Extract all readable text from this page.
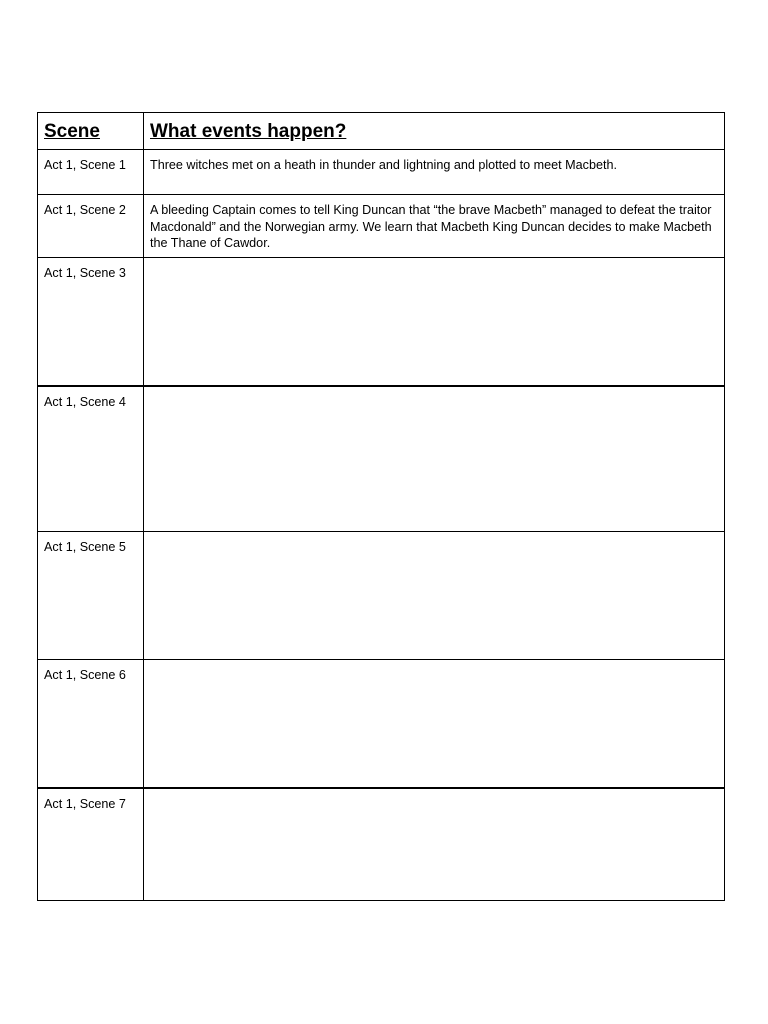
Scene	What events happen?

Act 1, Scene 1	Three witches met on a heath in thunder and lightning and plotted to meet Macbeth.

Act 1, Scene 2	A bleeding Captain comes to tell King Duncan that “the brave Macbeth” managed to defeat the traitor Macdonald” and the Norwegian army. We learn that Macbeth King Duncan decides to make Macbeth the Thane of Cawdor.

Act 1, Scene 3	

Act 1, Scene 4	

Act 1, Scene 5	

Act 1, Scene 6	

Act 1, Scene 7	
